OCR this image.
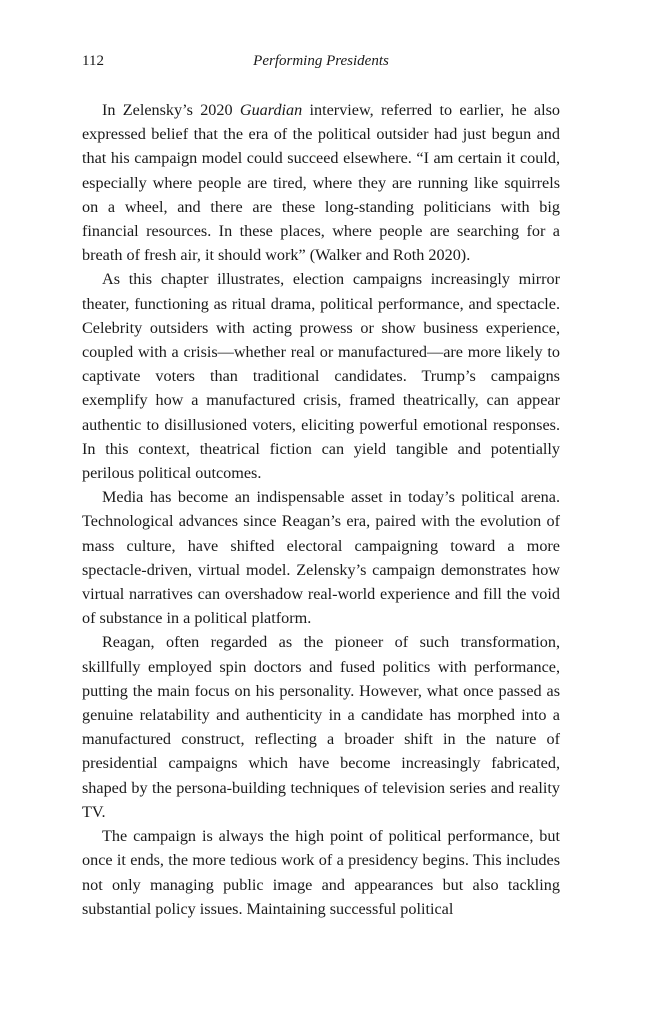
112	Performing Presidents

In Zelensky’s 2020 Guardian interview, referred to earlier, he also expressed belief that the era of the political outsider had just begun and that his campaign model could succeed elsewhere. “I am certain it could, especially where people are tired, where they are running like squirrels on a wheel, and there are these long-standing politicians with big financial resources. In these places, where people are searching for a breath of fresh air, it should work” (Walker and Roth 2020).

As this chapter illustrates, election campaigns increasingly mirror theater, functioning as ritual drama, political performance, and spectacle. Celebrity outsiders with acting prowess or show business experience, coupled with a crisis—whether real or manufactured—are more likely to captivate voters than traditional candidates. Trump’s campaigns exemplify how a manufactured crisis, framed theatrically, can appear authentic to disillusioned voters, eliciting powerful emotional responses. In this context, theatrical fiction can yield tangible and potentially perilous political outcomes.

Media has become an indispensable asset in today’s political arena. Technological advances since Reagan’s era, paired with the evolution of mass culture, have shifted electoral campaigning toward a more spectacle-driven, virtual model. Zelensky’s campaign demonstrates how virtual narratives can overshadow real-world experience and fill the void of substance in a political platform.

Reagan, often regarded as the pioneer of such transformation, skillfully employed spin doctors and fused politics with performance, putting the main focus on his personality. However, what once passed as genuine relatability and authenticity in a candidate has morphed into a manufactured construct, reflecting a broader shift in the nature of presidential campaigns which have become increasingly fabricated, shaped by the persona-building techniques of television series and reality TV.

The campaign is always the high point of political performance, but once it ends, the more tedious work of a presidency begins. This includes not only managing public image and appearances but also tackling substantial policy issues. Maintaining successful political
